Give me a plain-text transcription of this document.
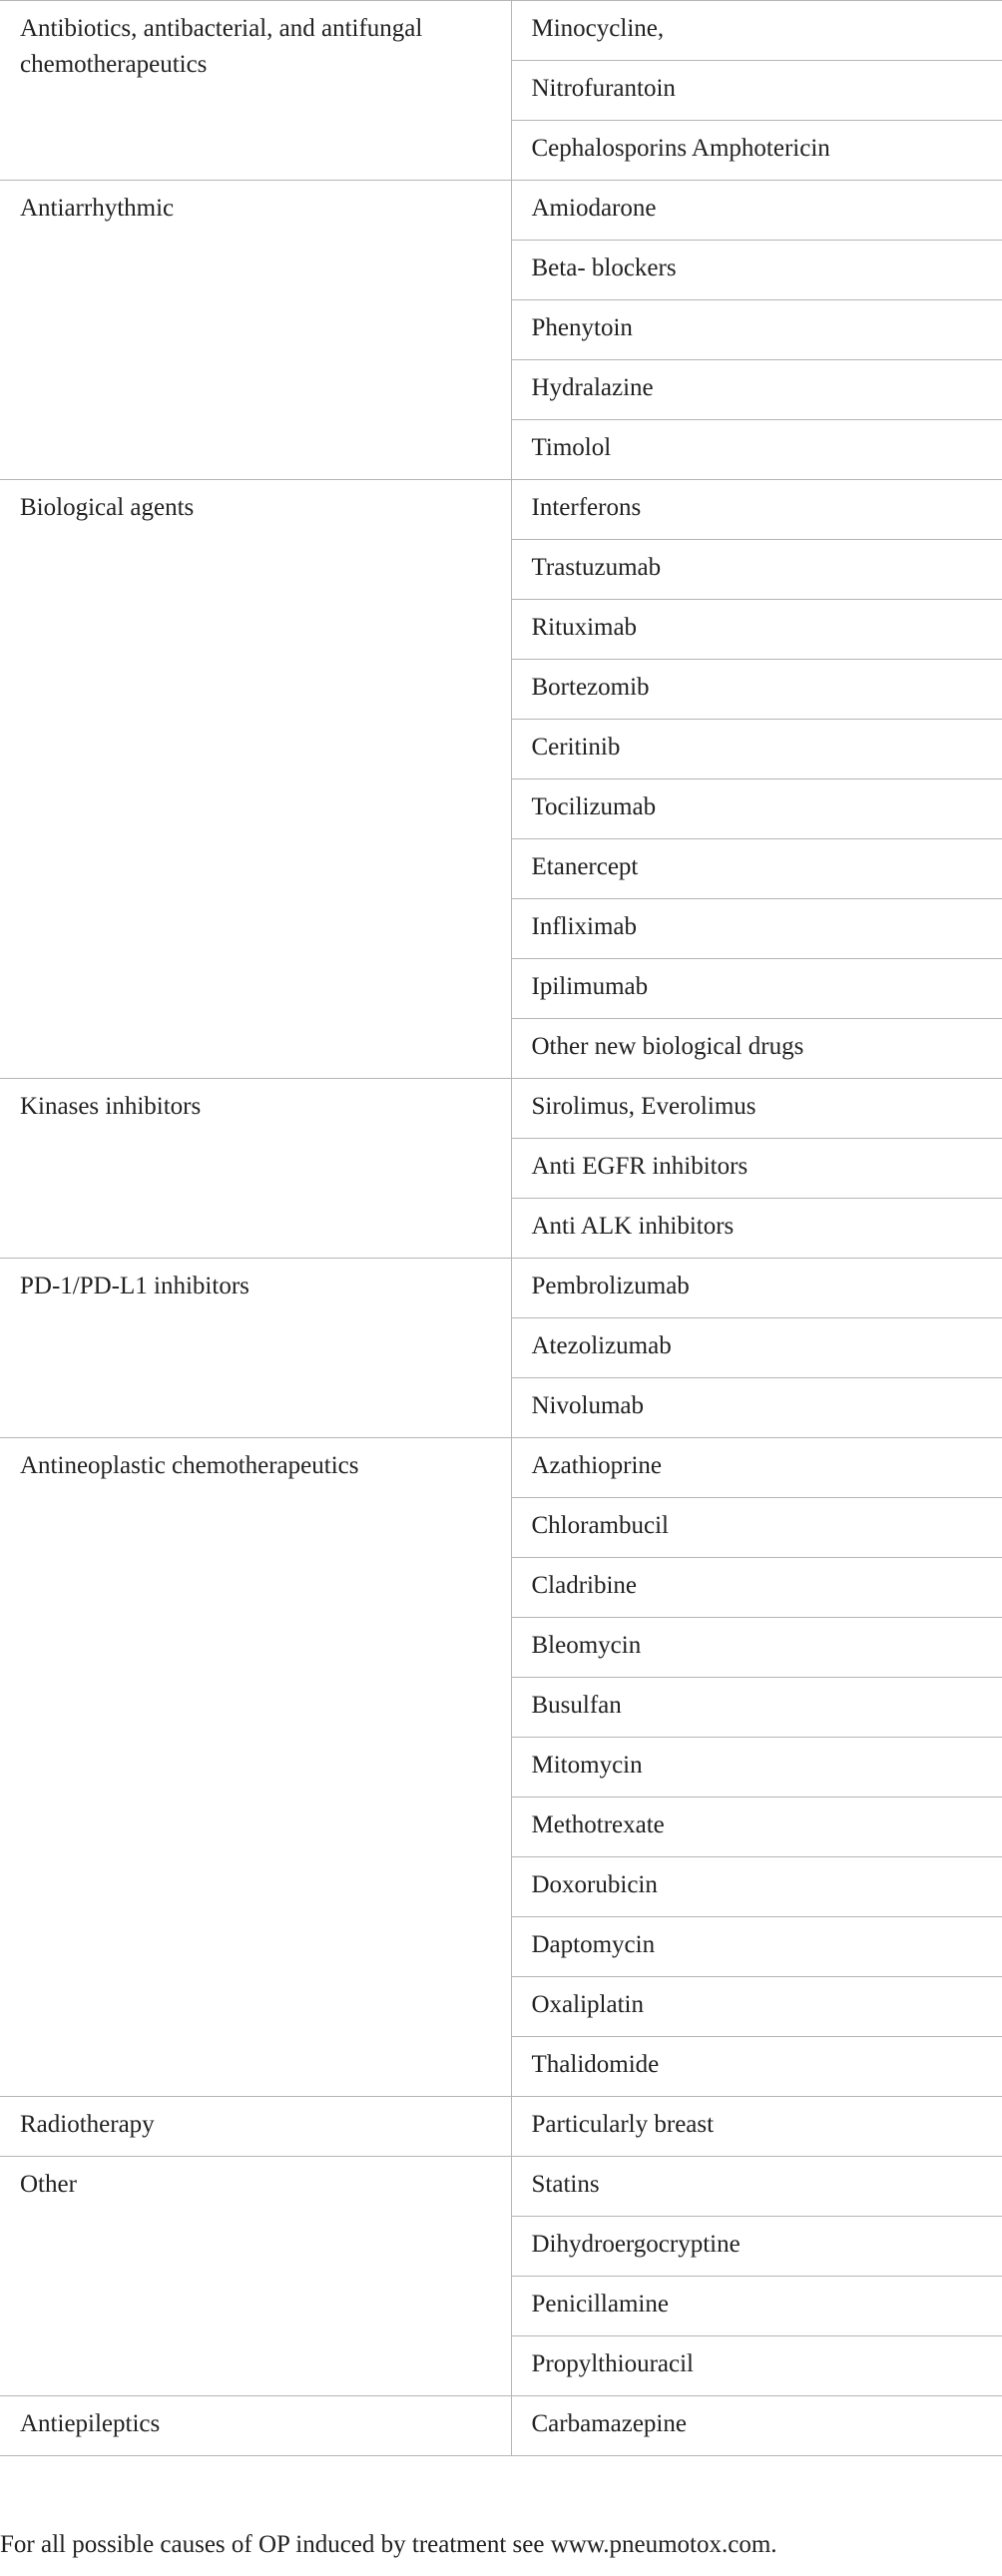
Antibiotics, antibacterial, and antifungal chemotherapeutics	Minocycline,
	Nitrofurantoin
	Cephalosporins Amphotericin

Antiarrhythmic	Amiodarone
	Beta- blockers
	Phenytoin
	Hydralazine
	Timolol

Biological agents	Interferons
	Trastuzumab
	Rituximab
	Bortezomib
	Ceritinib
	Tocilizumab
	Etanercept
	Infliximab
	Ipilimumab
	Other new biological drugs

Kinases inhibitors	Sirolimus, Everolimus
	Anti EGFR inhibitors
	Anti ALK inhibitors

PD-1/PD-L1 inhibitors	Pembrolizumab
	Atezolizumab
	Nivolumab

Antineoplastic chemotherapeutics	Azathioprine
	Chlorambucil
	Cladribine
	Bleomycin
	Busulfan
	Mitomycin
	Methotrexate
	Doxorubicin
	Daptomycin
	Oxaliplatin
	Thalidomide

Radiotherapy	Particularly breast

Other	Statins
	Dihydroergocryptine
	Penicillamine
	Propylthiouracil

Antiepileptics	Carbamazepine
For all possible causes of OP induced by treatment see www.pneumotox.com.
